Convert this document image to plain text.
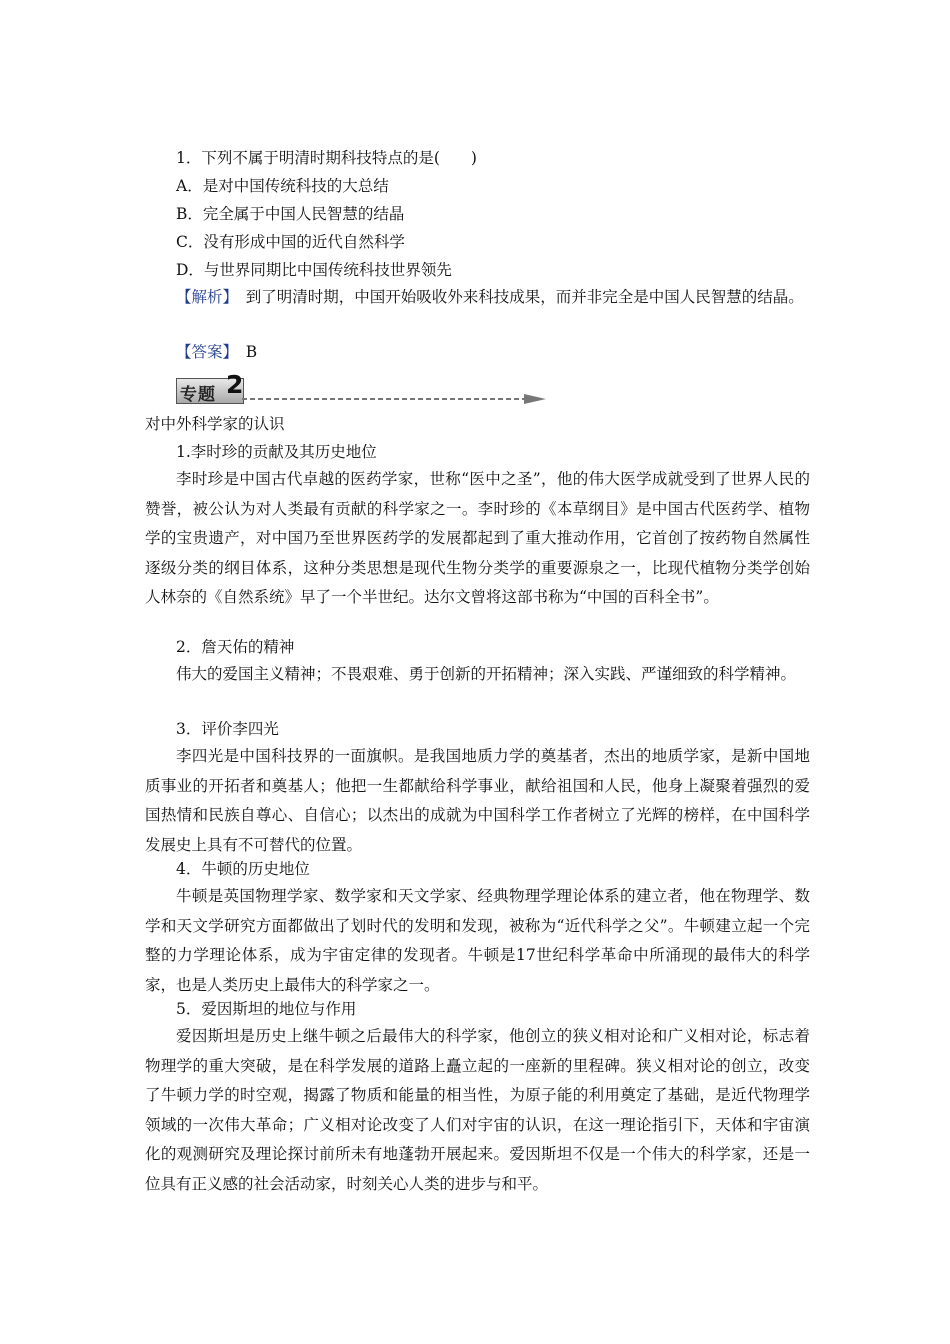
1．下列不属于明清时期科技特点的是(　　)
A．是对中国传统科技的大总结
B．完全属于中国人民智慧的结晶
C．没有形成中国的近代自然科学
D．与世界同期比中国传统科技世界领先
【解析】　到了明清时期，中国开始吸收外来科技成果，而并非完全是中国人民智慧的结晶。
【答案】　B
专题 2
对中外科学家的认识
1.李时珍的贡献及其历史地位
李时珍是中国古代卓越的医药学家，世称“医中之圣”，他的伟大医学成就受到了世界人民的赞誉，被公认为对人类最有贡献的科学家之一。李时珍的《本草纲目》是中国古代医药学、植物学的宝贵遗产，对中国乃至世界医药学的发展都起到了重大推动作用，它首创了按药物自然属性逐级分类的纲目体系，这种分类思想是现代生物分类学的重要源泉之一，比现代植物分类学创始人林奈的《自然系统》早了一个半世纪。达尔文曾将这部书称为“中国的百科全书”。
2．詹天佑的精神
伟大的爱国主义精神；不畏艰难、勇于创新的开拓精神；深入实践、严谨细致的科学精神。
3．评价李四光
李四光是中国科技界的一面旗帜。是我国地质力学的奠基者，杰出的地质学家，是新中国地质事业的开拓者和奠基人；他把一生都献给科学事业，献给祖国和人民，他身上凝聚着强烈的爱国热情和民族自尊心、自信心；以杰出的成就为中国科学工作者树立了光辉的榜样，在中国科学发展史上具有不可替代的位置。
4．牛顿的历史地位
牛顿是英国物理学家、数学家和天文学家、经典物理学理论体系的建立者，他在物理学、数学和天文学研究方面都做出了划时代的发明和发现，被称为“近代科学之父”。牛顿建立起一个完整的力学理论体系，成为宇宙定律的发现者。牛顿是17世纪科学革命中所涌现的最伟大的科学家，也是人类历史上最伟大的科学家之一。
5．爱因斯坦的地位与作用
爱因斯坦是历史上继牛顿之后最伟大的科学家，他创立的狭义相对论和广义相对论，标志着物理学的重大突破，是在科学发展的道路上矗立起的一座新的里程碑。狭义相对论的创立，改变了牛顿力学的时空观，揭露了物质和能量的相当性，为原子能的利用奠定了基础，是近代物理学领域的一次伟大革命；广义相对论改变了人们对宇宙的认识，在这一理论指引下，天体和宇宙演化的观测研究及理论探讨前所未有地蓬勃开展起来。爱因斯坦不仅是一个伟大的科学家，还是一位具有正义感的社会活动家，时刻关心人类的进步与和平。
